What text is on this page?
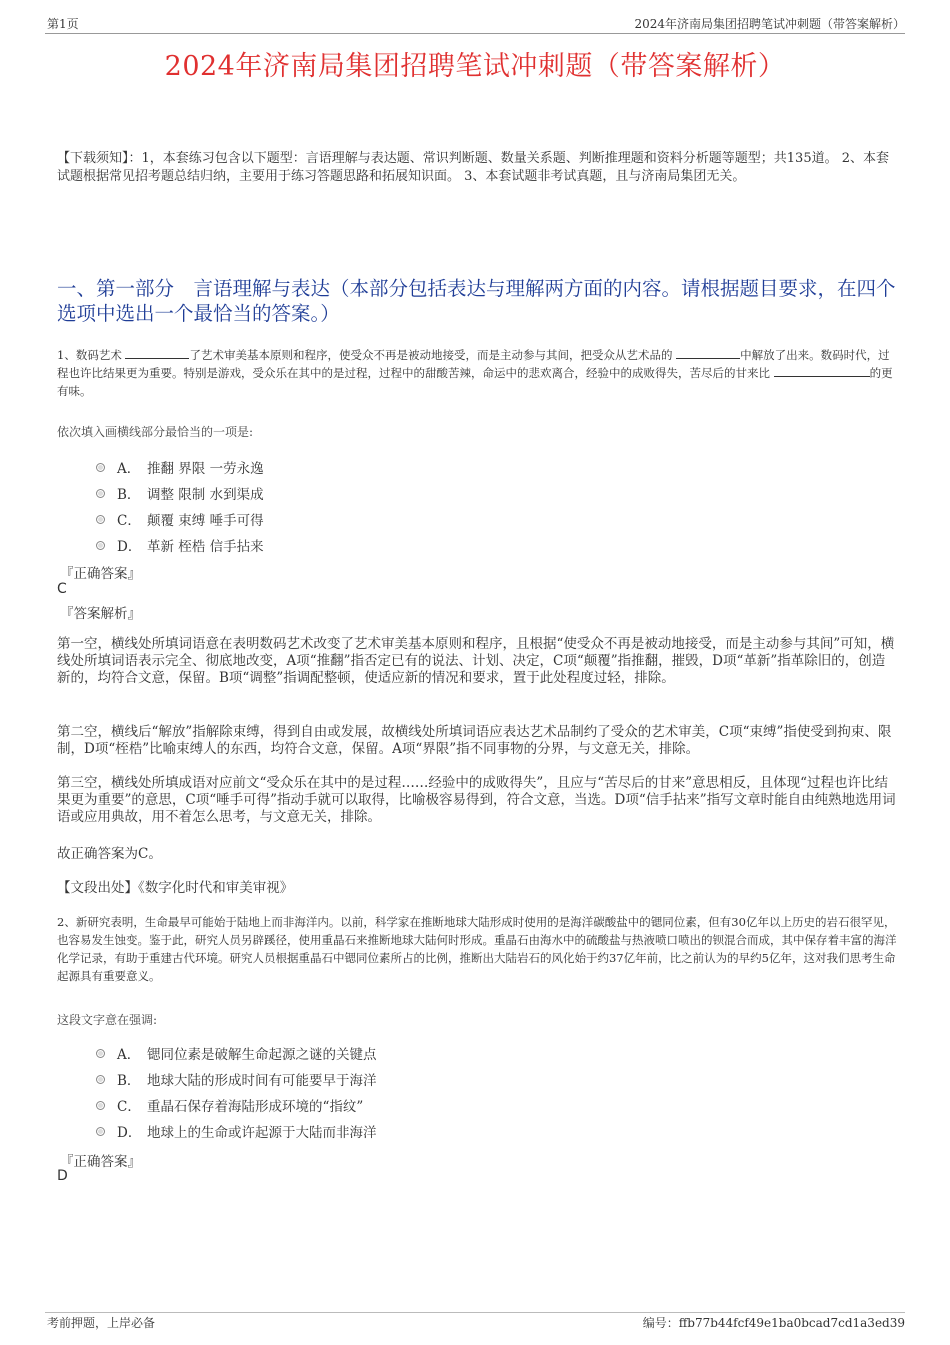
第1页	2024年济南局集团招聘笔试冲刺题（带答案解析）
2024年济南局集团招聘笔试冲刺题（带答案解析）
【下载须知】：1，本套练习包含以下题型：言语理解与表达题、常识判断题、数量关系题、判断推理题和资料分析题等题型；共135道。 2、本套试题根据常见招考题总结归纳，主要用于练习答题思路和拓展知识面。 3、本套试题非考试真题，且与济南局集团无关。
一、第一部分　言语理解与表达（本部分包括表达与理解两方面的内容。请根据题目要求，在四个选项中选出一个最恰当的答案。）
1、数码艺术	了艺术审美基本原则和程序，使受众不再是被动地接受，而是主动参与其间，把受众从艺术品的	中解放了出来。数码时代，过程也许比结果更为重要。特别是游戏，受众乐在其中的是过程，过程中的甜酸苦辣，命运中的悲欢离合，经验中的成败得失，苦尽后的甘来比	的更有味。
依次填入画横线部分最恰当的一项是:
A． 推翻 界限 一劳永逸
B． 调整 限制 水到渠成
C． 颠覆 束缚 唾手可得
D． 革新 桎梏 信手拈来
『正确答案』
C
『答案解析』
第一空，横线处所填词语意在表明数码艺术改变了艺术审美基本原则和程序，且根据“使受众不再是被动地接受，而是主动参与其间”可知，横线处所填词语表示完全、彻底地改变，A项“推翻”指否定已有的说法、计划、决定，C项“颠覆”指推翻，摧毁，D项“革新”指革除旧的，创造新的，均符合文意，保留。B项“调整”指调配整顿，使适应新的情况和要求，置于此处程度过轻，排除。
第二空，横线后“解放”指解除束缚，得到自由或发展，故横线处所填词语应表达艺术品制约了受众的艺术审美，C项“束缚”指使受到拘束、限制，D项“桎梏”比喻束缚人的东西，均符合文意，保留。A项“界限”指不同事物的分界，与文意无关，排除。
第三空，横线处所填成语对应前文“受众乐在其中的是过程……经验中的成败得失”，且应与“苦尽后的甘来”意思相反，且体现“过程也许比结果更为重要”的意思，C项“唾手可得”指动手就可以取得，比喻极容易得到，符合文意，当选。D项“信手拈来”指写文章时能自由纯熟地选用词语或应用典故，用不着怎么思考，与文意无关，排除。
故正确答案为C。
【文段出处】《数字化时代和审美审视》
2、新研究表明，生命最早可能始于陆地上而非海洋内。以前，科学家在推断地球大陆形成时使用的是海洋碳酸盐中的锶同位素，但有30亿年以上历史的岩石很罕见，也容易发生蚀变。鉴于此，研究人员另辟蹊径，使用重晶石来推断地球大陆何时形成。重晶石由海水中的硫酸盐与热液喷口喷出的钡混合而成，其中保存着丰富的海洋化学记录，有助于重建古代环境。研究人员根据重晶石中锶同位素所占的比例，推断出大陆岩石的风化始于约37亿年前，比之前认为的早约5亿年，这对我们思考生命起源具有重要意义。
这段文字意在强调:
A． 锶同位素是破解生命起源之谜的关键点
B． 地球大陆的形成时间有可能要早于海洋
C． 重晶石保存着海陆形成环境的“指纹”
D． 地球上的生命或许起源于大陆而非海洋
『正确答案』
D
考前押题，上岸必备	编号：ffb77b44fcf49e1ba0bcad7cd1a3ed39
